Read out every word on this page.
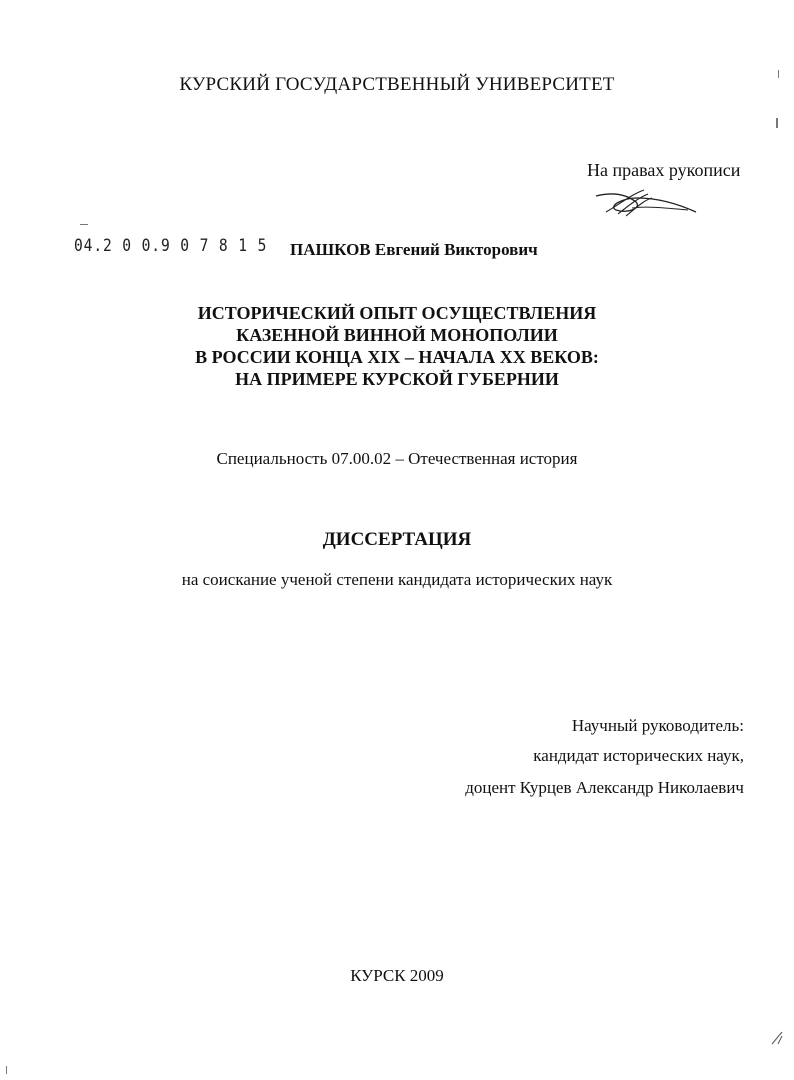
КУРСКИЙ ГОСУДАРСТВЕННЫЙ УНИВЕРСИТЕТ
На правах рукописи
04.2 0 0.9 0 7 8 1 5 ПАШКОВ Евгений Викторович
ИСТОРИЧЕСКИЙ ОПЫТ ОСУЩЕСТВЛЕНИЯ
КАЗЕННОЙ ВИННОЙ МОНОПОЛИИ
В РОССИИ КОНЦА XIX – НАЧАЛА XX ВЕКОВ:
НА ПРИМЕРЕ КУРСКОЙ ГУБЕРНИИ
Специальность 07.00.02 – Отечественная история
ДИССЕРТАЦИЯ
на соискание ученой степени кандидата исторических наук
Научный руководитель:
кандидат исторических наук,
доцент Курцев Александр Николаевич
КУРСК 2009
